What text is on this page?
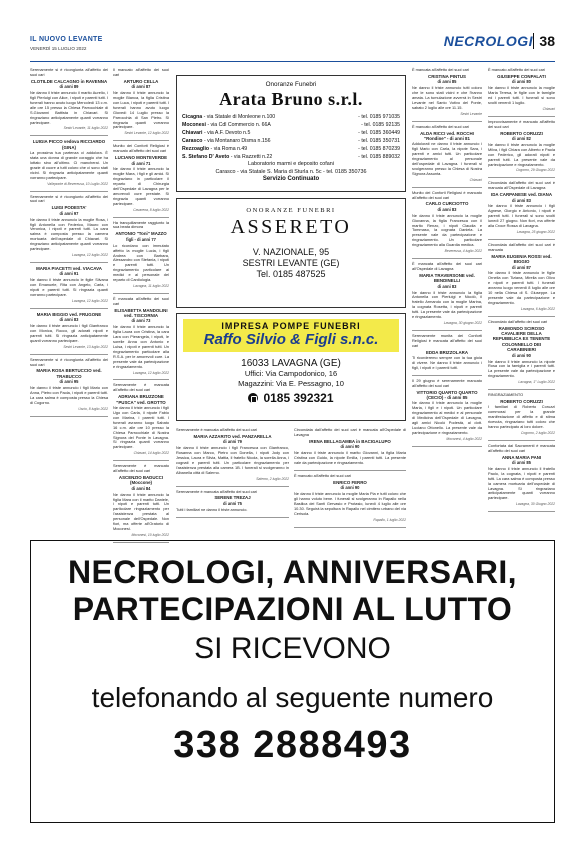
IL NUOVO LEVANTE
VENERDÌ 15 LUGLIO 2022	NECROLOGI 38

Serenamente si è ricongiunta all'affetto dei suoi cari

CLOTILDE CALCAGNO in RAVENNA

di anni 89

Ne danno il triste annuncio il marito Aurelio, i figli Pierluigi con Alice, i nipoti e parenti tutti. I funerali hanno avuto luogo Mercoledì 13 c.m. alle ore 15 presso la Chiesa Parrocchiale di S.Giovanni Battista in Chiavari. Si ringraziano anticipatamente quanti vorranno partecipare.

Sestri Levante, 11 luglio 2022

LUIGIA PICCO vedova RICCIARDO (GINA)

La prossima tua partenza ci addolora. È stata una donna di grande coraggio che ha lottato sino all'ultimo. Ci mancherai. Un grazie di cuore a tutti coloro che ci sono stati vicini. Si ringrazia anticipatamente quanti vorranno partecipare.

Valleponte di Bevereusa, 10 Luglio 2022

Serenamente si è ricongiunto all'affetto dei suoi cari

LUIGI PODESTA'

di anni 97

Ne danno il triste annuncio la moglie Rosa, i figli Antonella con Federico, Mauro con Veronica, i nipoti e parenti tutti. La cara salma è composta presso la camera mortuaria dell'ospedale di Chiavari. Si ringraziano anticipatamente quanti vorranno partecipare.

Lavagna, 12 luglio 2022

MARIA PIACETTI ved. VIACAVA

di anni 91

Ne danno il triste annuncio le figlie Silvana con Emanuele, Rita con Angelo, Carla, i nipoti e parenti tutti. Si ringrazia quanti vorranno partecipare.

Lavagna, 12 luglio 2022

MARIA BIGGIO ved. FRUGONE

di anni 83

Ne danno il triste annuncio i figli Gianfranco con Monica, Rocco, gli adorati nipoti e parenti tutti. Si ringrazia anticipatamente quanti vorranno partecipare.

Sestri Levante, 13 luglio 2022

Serenamente si è ricongiunta all'affetto dei suoi cari

MARIA ROSA BERTUCCIO ved. TRABUCCO

di anni 95

Ne danno il triste annuncio i figli Mario con Anna, Pietro con Paola, i nipoti e parenti tutti. La cara salma è composta presso la Chiesa di Cogorno.

Uscio, 8 luglio 2022

Il mancato all'affetto dei suoi cari

ARTURO CELLA

di anni 87

Ne danno il triste annuncio la moglie Bianca, la figlia Cristina con Luca, i nipoti e parenti tutti. I funerali hanno avuto luogo Giovedì 14 Luglio presso la Parrocchia di San Pietro. Si ringrazia quanti vorranno partecipare.

Sestri Levante, 12 luglio 2022

Munito dei Conforti Religiosi è mancato all'affetto dei suoi cari

LUCIANO MONTEVERDE

di anni 71

Ne danno il triste annuncio la moglie Mara, i figli e gli amici. Si ringraziano in particolare il reparto di Chirurgia dell'Ospedale di Lavagna per le amorevoli cure prestate. Si ringrazia quanti vorranno partecipare.

Cavarena, 8 luglio 2022

Ha tranquillamente raggiunto la sua beata dimora

ANTONIO "Toni" MAZZO

figli - di anni 77

Lo ricordano con immutato affetto la moglie Lucia, i figli Andrea con Barbara, Alessandro con Stefania, i nipoti e parenti tutti. Un ringraziamento particolare ai medici e al personale del reparto di Cardiologia.

Lavagna, 11 luglio 2022

È mancata all'affetto dei suoi cari

ELISABETTA MANDOLINI ved. TISCORNIA

di anni 73

Ne danno il triste annuncio la figlia Laura con Cristina, la cara Lara con Pierangela, i nipoti, le sorelle Anna con Antonio e Luisa, i nipoti e parenti tutti. Un ringraziamento particolare alla R.S.A. per le amorevoli cure. La presente vale da partecipazione e ringraziamento.

Lavagna, 12 luglio 2022

Serenamente è mancata all'affetto dei suoi cari

ADRIANA BRUZZONE "PUSCA" ved. GROTTO

Ne danno il triste annuncio i figli Ugo con Carla, il nipote Fabio con Marina, i parenti tutti. I funerali avranno luogo Sabato 16 c.m. alle ore 10 presso la Chiesa Parrocchiale di Nostra Signora del Ponte in Lavagna. Si ringrazia quanti vorranno partecipare.

Chiavari, 14 luglio 2022

Serenamente è mancato all'affetto dei suoi cari

ASCENZIO BADUCCI (Moccone)

di anni 84

Ne danno il triste annuncio la figlia Mara con il marito Daniele, i nipoti e parenti tutti. Un particolare ringraziamento per l'assistenza prestata al personale dell'Ospedale. Non fiori, ma offerte all'Oratorio di Moconesi.

Moconesi, 10 luglio 2022

Serenamente è mancata all'affetto dei suoi cari

MARIA AZZARITO ved. PANZARELLA

di anni 79

Ne danno il triste annuncio i figli Francesca con Gianfranco, Rosanna con Marco, Pietro con Donella, i nipoti Jody con Jessica, Laura e Silvia, Mattia, il fratello Nicola, la sorella Anna, i cognati e parenti tutti. Un particolare ringraziamento per l'assistenza prestata alla camera 1B. I funerali si svolgeranno in Albanella città di Salerno.

Salerno, 2 luglio 2022

Serenamente è mancata all'affetto dei suoi cari

SERENE TREZAJ

di anni 75

Tutti i familiari ne danno il triste annuncio.

Circondata dall'affetto dei suoi cari è mancata all'Ospedale di Lavagna

IRENA BELLAGAMBA in BACIGALUPO

di anni 90

Ne danno il triste annuncio il marito Giovanni, la figlia Maria Cristina con Guido, la nipote Emilia, i parenti tutti. La presente vale da partecipazione e ringraziamento.

È mancato all'affetto dei suoi cari

ENRICO FERRO

di anni 90

Ne danno il triste annuncio la moglie Maria Pia e tutti coloro che gli hanno voluto bene. I funerali si svolgeranno in Rapallo nella Basilica dei Santi Gervasio e Protasio, lunedì 4 luglio alle ore 10.30. Seguirà la sepoltura in Rapallo nel cimitero urbano del via Cerisola.

Rapallo, 1 luglio 2022

È mancata all'affetto dei suoi cari

CRISTINA PINTUS

di anni 85

Ne danno il triste annuncio tutti coloro che le sono stati vicini e che l'hanno amata. La tumulazione avverrà in Sestri Levante nel Santo Votivo del Ponte, sabato 2 luglio alle ore 11.15.

Sestri Levante

È mancato all'affetto dei suoi cari

ALDA RICCI ved. ROCCHI "Rondine" - di anni 81

Addolorati ne danno il triste annuncio i figli Mario con Carla, la nipote Sara, i parenti e amici tutti. Un particolare ringraziamento al personale dell'ospedale di Lavagna. I funerali si svolgeranno presso la Chiesa di Nostra Signora Assunta.

Chiavari

Munito dei Conforti Religiosi è mancato all'affetto dei suoi cari

CARLO CURCIOTTO

di anni 83

Ne danno il triste annuncio la moglie Giovanna, la figlia Francesca con il marito Renzo, i nipoti Claudia e Tommaso, la cognata Daniela. La presente vale da partecipazione e ringraziamento. Un particolare ringraziamento alla Guardia medica.

Bevereusa, 4 luglio 2022

È mancata all'affetto dei suoi cari all'Ospedale di Lavagna

MARIA TRAVERSONE ved. BENDINELLI

di anni 83

Ne danno il triste annuncio la figlia Antonella con Pierluigi e Nicolò, il fratello Armando con la moglie Marina, la cognata Rosetta, i nipoti e parenti tutti. La presente vale da partecipazione e ringraziamento.

Lavagna, 30 giugno 2022

Serenamente munita dei Conforti Religiosi è mancata all'affetto dei suoi cari

EDDA BRIZZOLARA

Ti ricorderemo sempre con la tua gioia di vivere. Ne danno il triste annuncio i figli, i nipoti e i parenti tutti.

Il 29 giugno è serenamente mancato all'affetto dei suoi cari

VITTORIO QUARTO QUARTO (CECIO) - di anni 85

Ne danno il triste annuncio la moglie Maria, i figli e i nipoti. Un particolare ringraziamento ai medici e al personale di Medicina dell'Ospedale di Lavagna, agli amici Nicolò Podestà, al dott. Luciano Ottonello. La presente vale da partecipazione e ringraziamento.

Moconesi, 4 luglio 2022

È mancato all'affetto dei suoi cari

GIUSEPPE CONPALATI

di anni 80

Ne danno il triste annuncio la moglie Maria Teresa, le figlie con le famiglie ed i parenti tutti. I funerali si sono svolti venerdì 1 luglio.

Chiavari

Improvvisamente è mancato all'affetto dei suoi cari

ROBERTO CORUZZI

di anni 82

Ne danno il triste annuncio la moglie Milva, i figli Chiara con Alberto e Paola con Federico, gli adorati nipoti e parenti tutti. La presente vale da partecipazione e ringraziamento.

Cogorno, 29 Giugno 2022

Circondata dall'affetto dei suoi cari è mancata all'Ospedale di Lavagna

IDA CARPANESE ved. DIANA

di anni 83

Ne danno il triste annuncio i figli Agnese, Giorgio e Antonio, i nipoti e parenti tutti. I funerali si sono svolti lunedì 27 giugno. Non fiori, ma offerte alla Croce Rossa di Lavagna.

Lavagna, 25 giugno 2022

Circondata dall'affetto dei suoi cari è mancata

MARIA EUGENIA ROSSI ved. BIGGIO

di anni 87

Ne danno il triste annuncio le figlie Ornella con Tiziana, Mirella con Olivo e nipoti e parenti tutti. I funerali avranno luogo venerdì 8 luglio alle ore 10 nella Chiesa di S. Giuseppe. La presente vale da partecipazione e ringraziamento.

Lavagna, 6 luglio 2022

Circondato dall'affetto dei suoi cari

RAIMONDO SCIROSO CAVALIERE DELLA REPUBBLICA EX TENENTE COLONNELLO DEI CARABINIERI

di anni 90

Ne danno il triste annuncio la nipote Rosa con la famiglia e i parenti tutti. La presente vale da partecipazione e ringraziamento.

Lavagna, 1° Luglio 2022

RINGRAZIAMENTO

ROBERTO CORUZZI

I familiari di Roberto Coruzzi commossi per la grande manifestazione di affetto e di stima ricevuta, ringraziano tutti coloro che hanno partecipato al loro dolore.

Cogorno, 2 luglio 2022

Confortata dai Sacramenti è mancata all'affetto dei suoi cari

ANNA MARIA PANI

di anni 85

Ne danno il triste annuncio il fratello Paolo, la cognata, i nipoti e parenti tutti. La cara salma è composta presso la camera mortuaria dell'ospedale di Lavagna. Si ringraziano anticipatamente quanti vorranno partecipare.

Lavagna, 30 Giugno 2022

Onoranze Funebri
Arata Bruno s.r.l.
Cicagna - via Statale di Monleone n.100	- tel. 0185 971035
Moconesi - via Cdl Commercio n. 66A	- tel. 0185 92135
Chiavari - via A.F. Devoto n.5	- tel. 0185 360449
Carasco - via Montanaro Disma n.156	- tel. 0185 350731
Rezzoaglio - via Roma n.49	- tel. 0185 870239
S. Stefano D' Aveto - via Razzetti n.22	- tel. 0185 889032
Laboratorio marmi e deposito cofani
Carasco - via Statale S. Maria di Sturla n. 5c - tel. 0185 350736
Servizio Continuato
ONORANZE FUNEBRI
ASSERETO
V. NAZIONALE, 95
SESTRI LEVANTE (GE)
Tel. 0185 487525
IMPRESA POMPE FUNEBRI
Raffo Silvio & Figli s.n.c.
16033 LAVAGNA (GE)
Uffici: Via Campodonico, 16
Magazzini: Via E. Pessagno, 10
0185 392321
NECROLOGI, ANNIVERSARI,
PARTECIPAZIONI AL LUTTO
SI RICEVONO
telefonando al seguente numero
338 2888493
